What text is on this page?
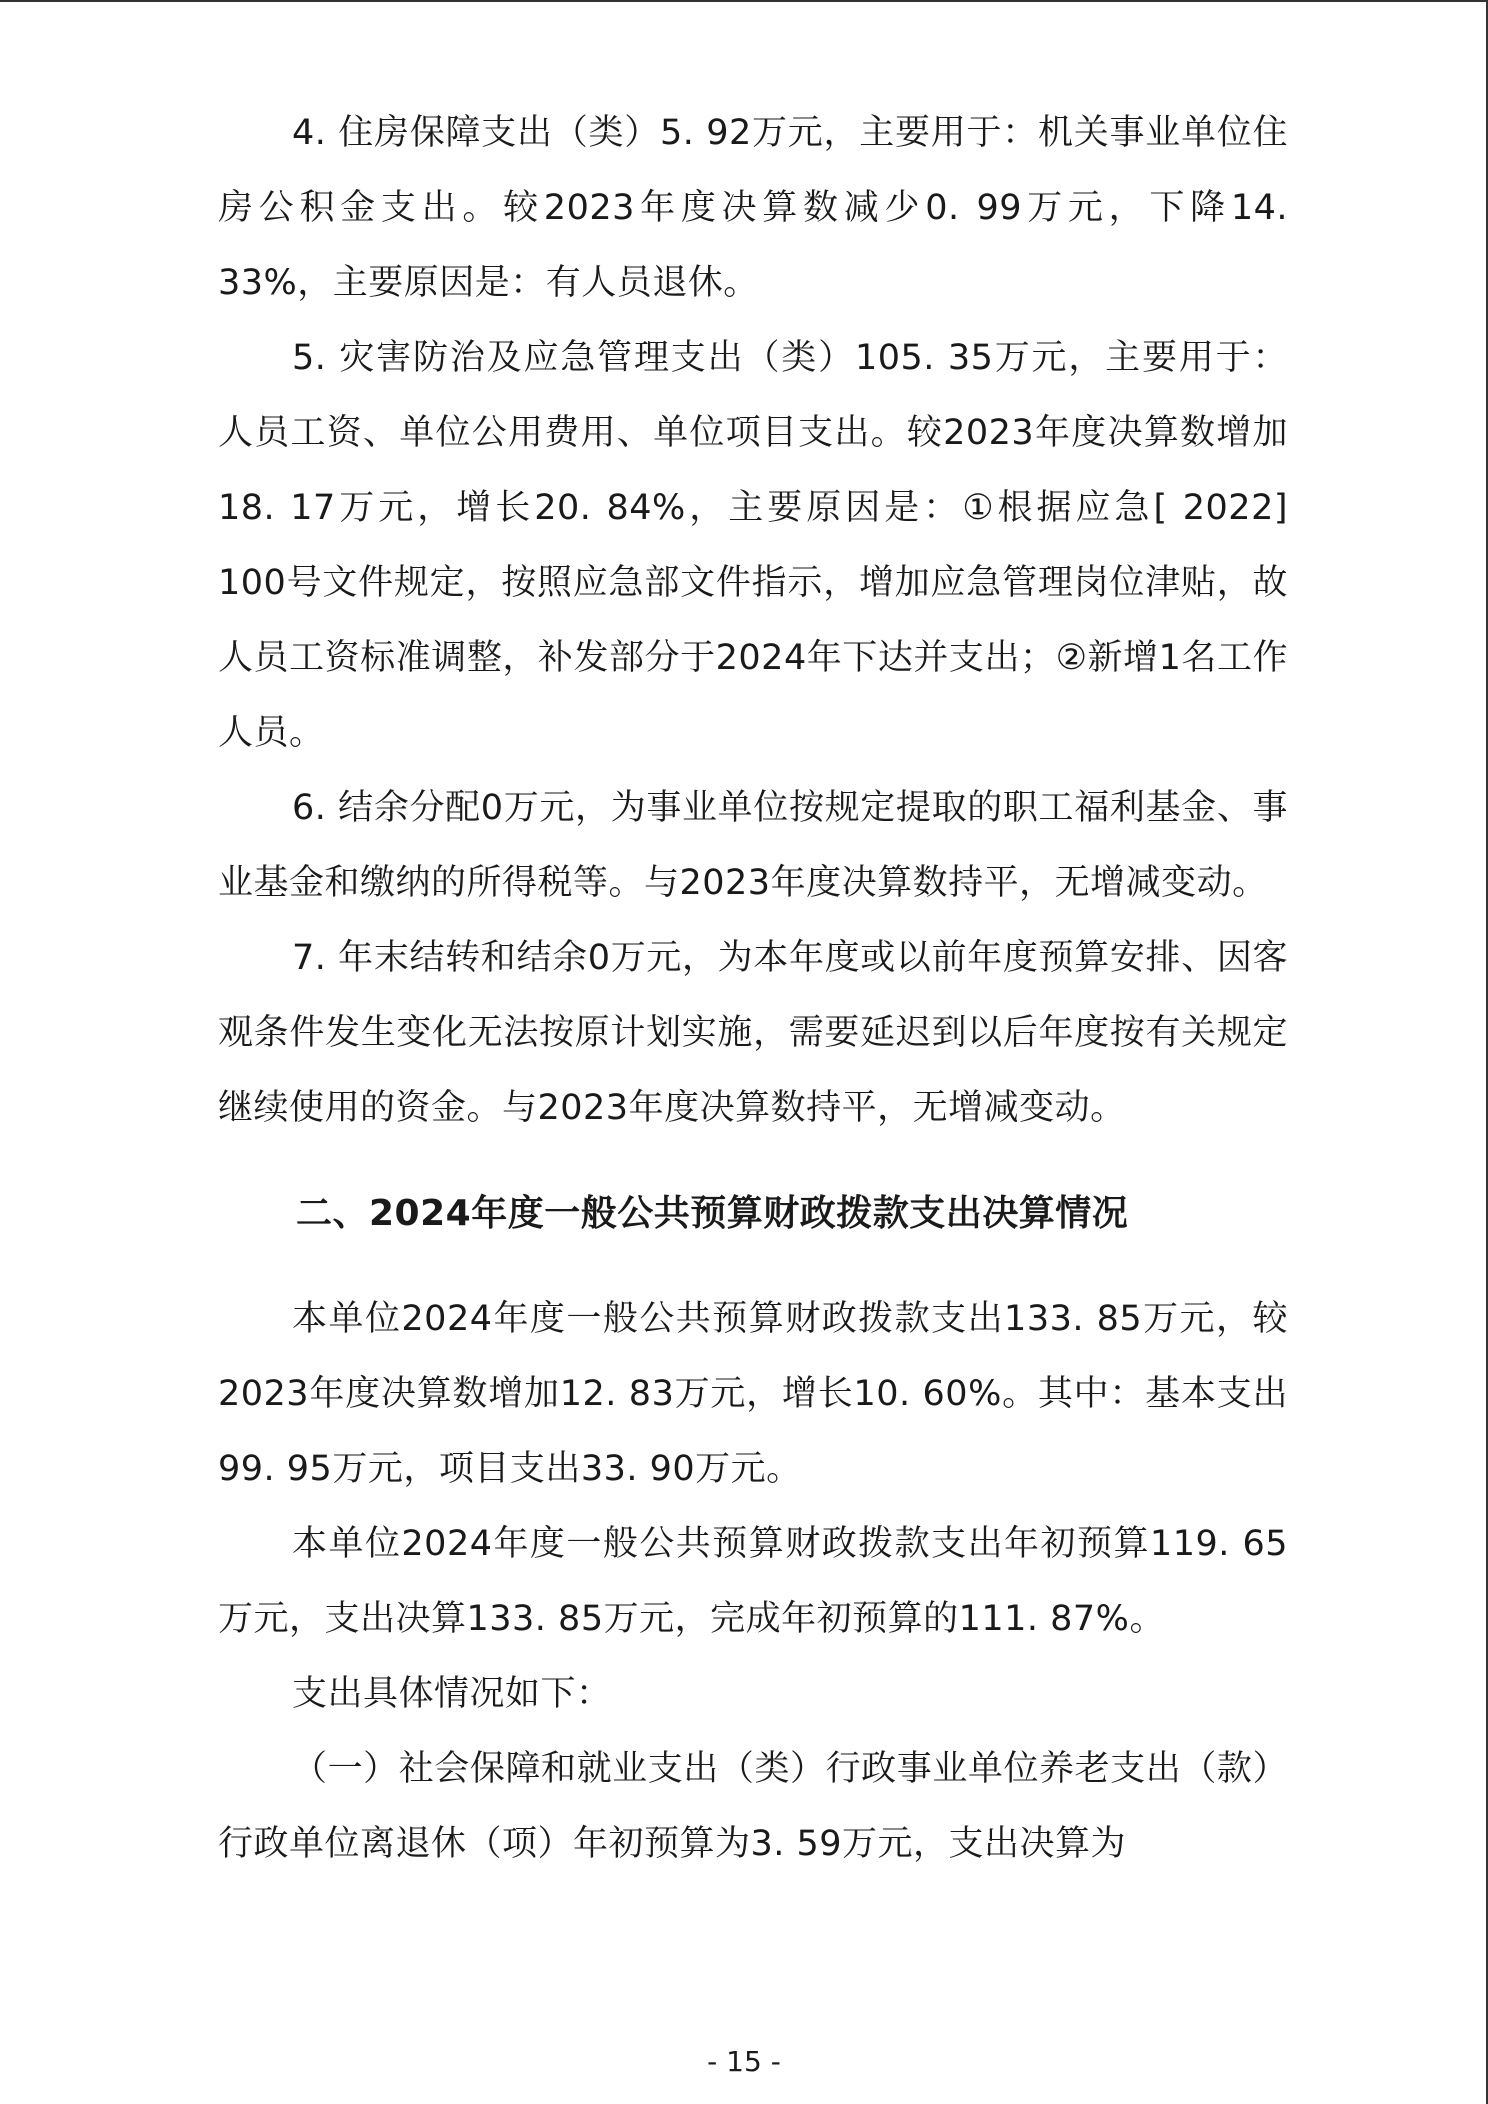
4. 住房保障支出（类）5. 92万元，主要用于：机关事业单位住房公积金支出。较2023年度决算数减少0. 99万元，下降14. 33%，主要原因是：有人员退休。

5. 灾害防治及应急管理支出（类）105. 35万元，主要用于：人员工资、单位公用费用、单位项目支出。较2023年度决算数增加18. 17万元，增长20. 84%，主要原因是：①根据应急[ 2022] 100号文件规定，按照应急部文件指示，增加应急管理岗位津贴，故人员工资标准调整，补发部分于2024年下达并支出；②新增1名工作人员。

6. 结余分配0万元，为事业单位按规定提取的职工福利基金、事业基金和缴纳的所得税等。与2023年度决算数持平，无增减变动。

7. 年末结转和结余0万元，为本年度或以前年度预算安排、因客观条件发生变化无法按原计划实施，需要延迟到以后年度按有关规定继续使用的资金。与2023年度决算数持平，无增减变动。

二、2024年度一般公共预算财政拨款支出决算情况

本单位2024年度一般公共预算财政拨款支出133. 85万元，较2023年度决算数增加12. 83万元，增长10. 60%。其中：基本支出99. 95万元，项目支出33. 90万元。

本单位2024年度一般公共预算财政拨款支出年初预算119. 65万元，支出决算133. 85万元，完成年初预算的111. 87%。

支出具体情况如下：

（一）社会保障和就业支出（类）行政事业单位养老支出（款）行政单位离退休（项）年初预算为3. 59万元，支出决算为

- 15 -
